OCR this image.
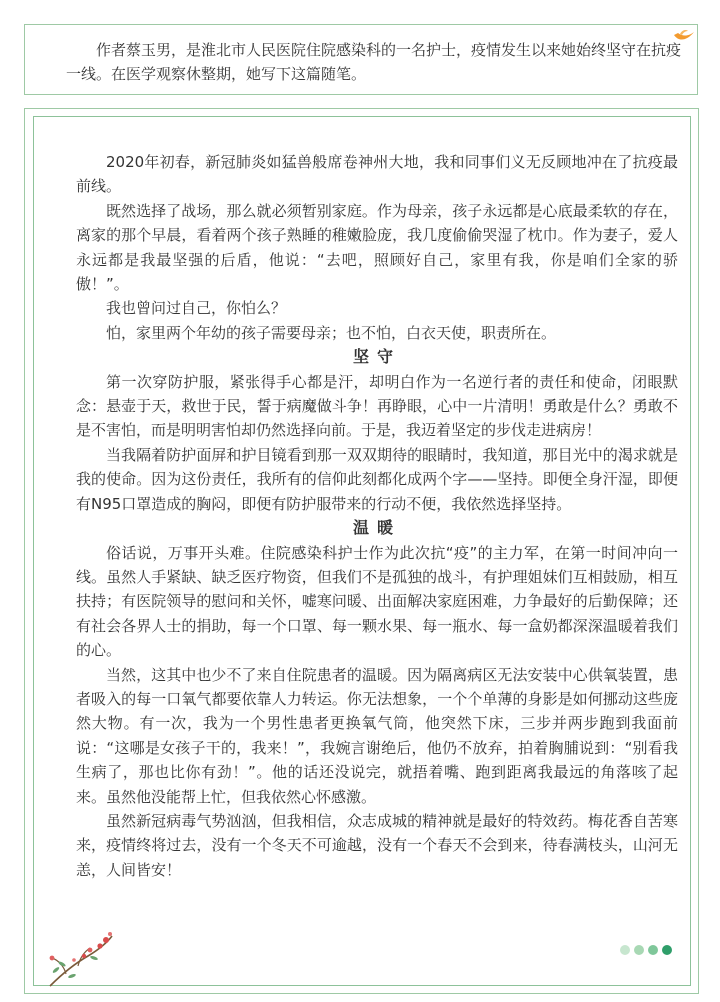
作者蔡玉男，是淮北市人民医院住院感染科的一名护士，疫情发生以来她始终坚守在抗疫一线。在医学观察休整期，她写下这篇随笔。

2020年初春，新冠肺炎如猛兽般席卷神州大地，我和同事们义无反顾地冲在了抗疫最前线。

既然选择了战场，那么就必须暂别家庭。作为母亲，孩子永远都是心底最柔软的存在，离家的那个早晨，看着两个孩子熟睡的稚嫩脸庞，我几度偷偷哭湿了枕巾。作为妻子，爱人永远都是我最坚强的后盾，他说：“去吧，照顾好自己，家里有我，你是咱们全家的骄傲！”。

我也曾问过自己，你怕么？

怕，家里两个年幼的孩子需要母亲；也不怕，白衣天使，职责所在。

坚守

第一次穿防护服，紧张得手心都是汗，却明白作为一名逆行者的责任和使命，闭眼默念：悬壶于天，救世于民，誓于病魔做斗争！再睁眼，心中一片清明！勇敢是什么？勇敢不是不害怕，而是明明害怕却仍然选择向前。于是，我迈着坚定的步伐走进病房！

当我隔着防护面屏和护目镜看到那一双双期待的眼睛时，我知道，那目光中的渴求就是我的使命。因为这份责任，我所有的信仰此刻都化成两个字——坚持。即便全身汗湿，即便有N95口罩造成的胸闷，即便有防护服带来的行动不便，我依然选择坚持。

温暖

俗话说，万事开头难。住院感染科护士作为此次抗“疫”的主力军，在第一时间冲向一线。虽然人手紧缺、缺乏医疗物资，但我们不是孤独的战斗，有护理姐妹们互相鼓励，相互扶持；有医院领导的慰问和关怀，嘘寒问暖、出面解决家庭困难，力争最好的后勤保障；还有社会各界人士的捐助，每一个口罩、每一颗水果、每一瓶水、每一盒奶都深深温暖着我们的心。

当然，这其中也少不了来自住院患者的温暖。因为隔离病区无法安装中心供氧装置，患者吸入的每一口氧气都要依靠人力转运。你无法想象，一个个单薄的身影是如何挪动这些庞然大物。有一次，我为一个男性患者更换氧气筒，他突然下床，三步并两步跑到我面前说：“这哪是女孩子干的，我来！”，我婉言谢绝后，他仍不放弃，拍着胸脯说到：“别看我生病了，那也比你有劲！”。他的话还没说完，就捂着嘴、跑到距离我最远的角落咳了起来。虽然他没能帮上忙，但我依然心怀感激。

虽然新冠病毒气势汹汹，但我相信，众志成城的精神就是最好的特效药。梅花香自苦寒来，疫情终将过去，没有一个冬天不可逾越，没有一个春天不会到来，待春满枝头，山河无恙，人间皆安！
